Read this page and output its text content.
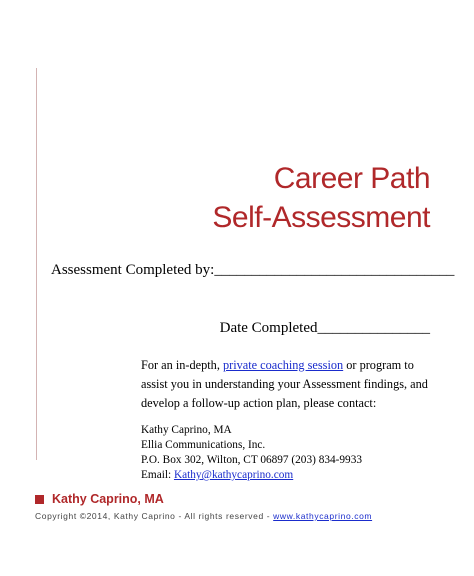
Career Path
Self-Assessment
Assessment Completed by:________________________________
Date Completed_______________

For an in-depth, private coaching session or program to assist you in understanding your Assessment findings, and develop a follow-up action plan, please contact:

Kathy Caprino, MA
Ellia Communications, Inc.
P.O. Box 302, Wilton, CT 06897 (203) 834-9933
Email: Kathy@kathycaprino.com
Kathy Caprino, MA
Copyright ©2014, Kathy Caprino - All rights reserved - www.kathycaprino.com
